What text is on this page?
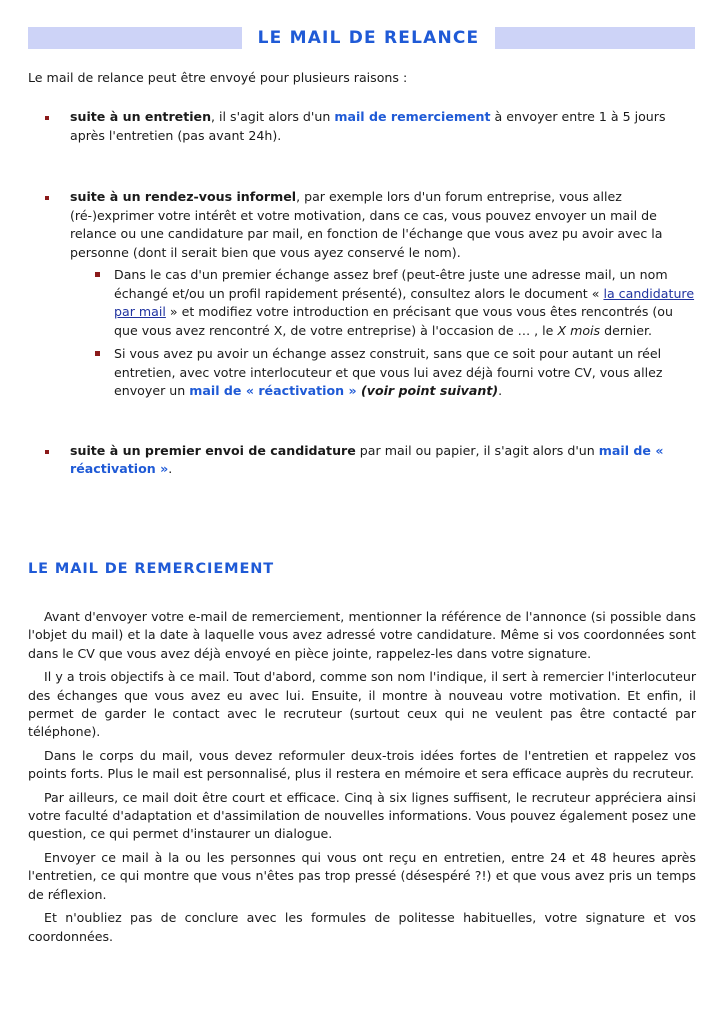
LE MAIL DE RELANCE
Le mail de relance peut être envoyé pour plusieurs raisons :
suite à un entretien, il s'agit alors d'un mail de remerciement à envoyer entre 1 à 5 jours après l'entretien (pas avant 24h).
suite à un rendez-vous informel, par exemple lors d'un forum entreprise, vous allez (ré-)exprimer votre intérêt et votre motivation, dans ce cas, vous pouvez envoyer un mail de relance ou une candidature par mail, en fonction de l'échange que vous avez pu avoir avec la personne (dont il serait bien que vous ayez conservé le nom).
Dans le cas d'un premier échange assez bref (peut-être juste une adresse mail, un nom échangé et/ou un profil rapidement présenté), consultez alors le document « la candidature par mail » et modifiez votre introduction en précisant que vous vous êtes rencontrés (ou que vous avez rencontré X, de votre entreprise) à l'occasion de … , le X mois dernier.
Si vous avez pu avoir un échange assez construit, sans que ce soit pour autant un réel entretien, avec votre interlocuteur et que vous lui avez déjà fourni votre CV, vous allez envoyer un mail de « réactivation » (voir point suivant).
suite à un premier envoi de candidature par mail ou papier, il s'agit alors d'un mail de « réactivation ».
LE MAIL DE REMERCIEMENT

Avant d'envoyer votre e-mail de remerciement, mentionner la référence de l'annonce (si possible dans l'objet du mail) et la date à laquelle vous avez adressé votre candidature. Même si vos coordonnées sont dans le CV que vous avez déjà envoyé en pièce jointe, rappelez-les dans votre signature.

Il y a trois objectifs à ce mail. Tout d'abord, comme son nom l'indique, il sert à remercier l'interlocuteur des échanges que vous avez eu avec lui. Ensuite, il montre à nouveau votre motivation. Et enfin, il permet de garder le contact avec le recruteur (surtout ceux qui ne veulent pas être contacté par téléphone).

Dans le corps du mail, vous devez reformuler deux-trois idées fortes de l'entretien et rappelez vos points forts. Plus le mail est personnalisé, plus il restera en mémoire et sera efficace auprès du recruteur.

Par ailleurs, ce mail doit être court et efficace. Cinq à six lignes suffisent, le recruteur appréciera ainsi votre faculté d'adaptation et d'assimilation de nouvelles informations. Vous pouvez également posez une question, ce qui permet d'instaurer un dialogue.

Envoyer ce mail à la ou les personnes qui vous ont reçu en entretien, entre 24 et 48 heures après l'entretien, ce qui montre que vous n'êtes pas trop pressé (désespéré ?!) et que vous avez pris un temps de réflexion.

Et n'oubliez pas de conclure avec les formules de politesse habituelles, votre signature et vos coordonnées.
